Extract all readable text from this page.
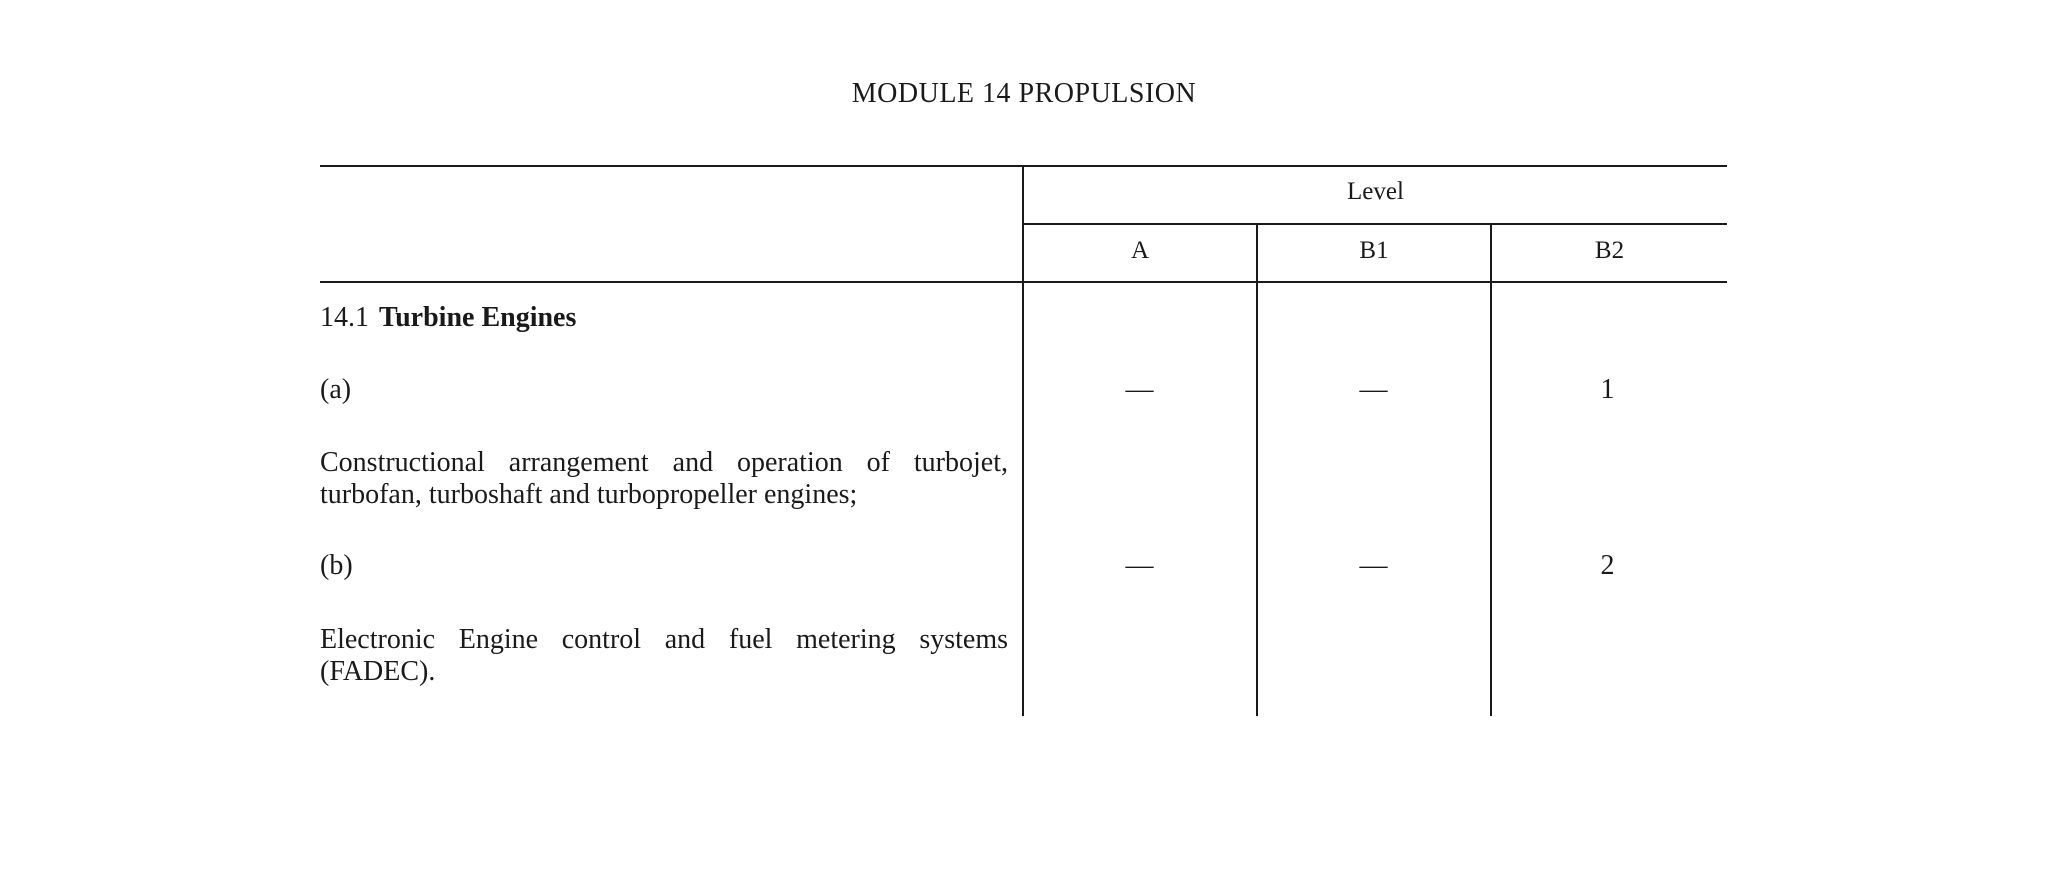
MODULE 14 PROPULSION
Level
A	B1	B2
14.1 Turbine Engines
(a)	—	—	1
Constructional arrangement and operation of turbojet, turbofan, turboshaft and turbopropeller engines;
(b)	—	—	2
Electronic Engine control and fuel metering systems (FADEC).
